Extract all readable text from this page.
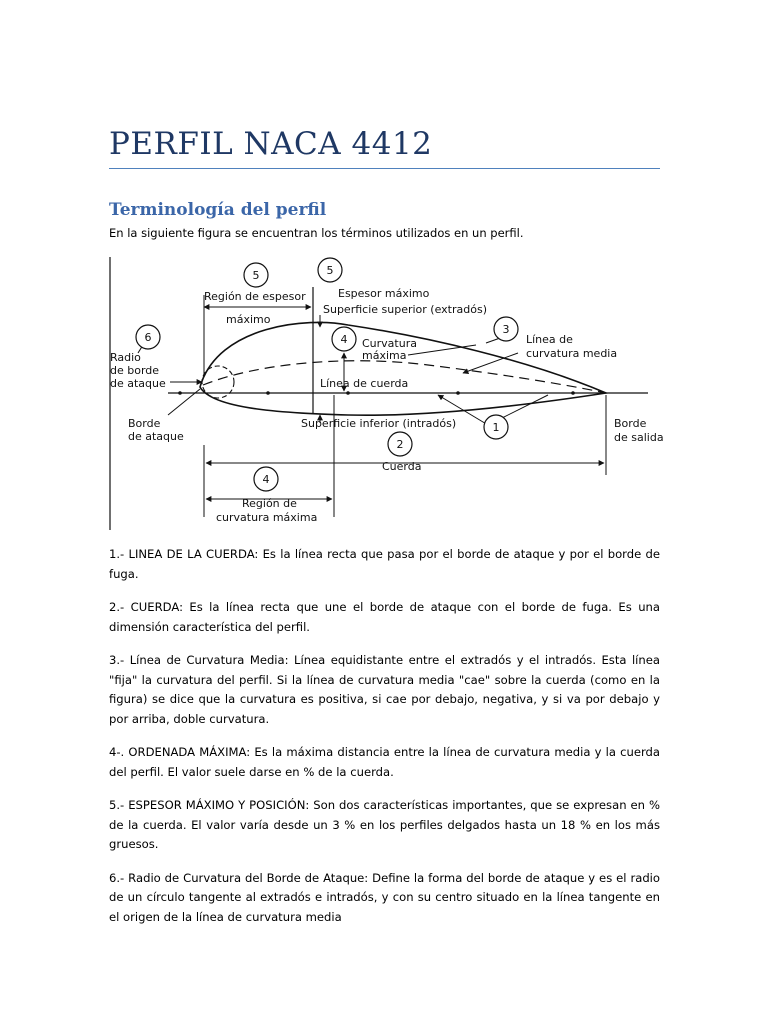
PERFIL NACA 4412
Terminología del perfil
En la siguiente figura se encuentran los términos utilizados en un perfil.
5	5
6	4
3
1
2
4
Región de espesor
máximo
Espesor máximo
Superficie superior (extradós)
Curvatura
máxima
Línea de
curvatura media
Radio
de borde
de ataque	Línea de cuerda
Borde
de ataque
Superficie inferior (intradós)	Borde
de salida
Cuerda
Región de
curvatura máxima

1.- LINEA DE LA CUERDA: Es la línea recta que pasa por el borde de ataque y por el borde de fuga.

2.- CUERDA: Es la línea recta que une el borde de ataque con el borde de fuga. Es una dimensión característica del perfil.

3.- Línea de Curvatura Media: Línea equidistante entre el extradós y el intradós. Esta línea "fija" la curvatura del perfil. Si la línea de curvatura media "cae" sobre la cuerda (como en la figura) se dice que la curvatura es positiva, si cae por debajo, negativa, y si va por debajo y por arriba, doble curvatura.

4-. ORDENADA MÁXIMA: Es la máxima distancia entre la línea de curvatura media y la cuerda del perfil. El valor suele darse en % de la cuerda.

5.- ESPESOR MÁXIMO Y POSICIÓN: Son dos características importantes, que se expresan en % de la cuerda. El valor varía desde un 3 % en los perfiles delgados hasta un 18 % en los más gruesos.

6.- Radio de Curvatura del Borde de Ataque: Define la forma del borde de ataque y es el radio de un círculo tangente al extradós e intradós, y con su centro situado en la línea tangente en el origen de la línea de curvatura media
